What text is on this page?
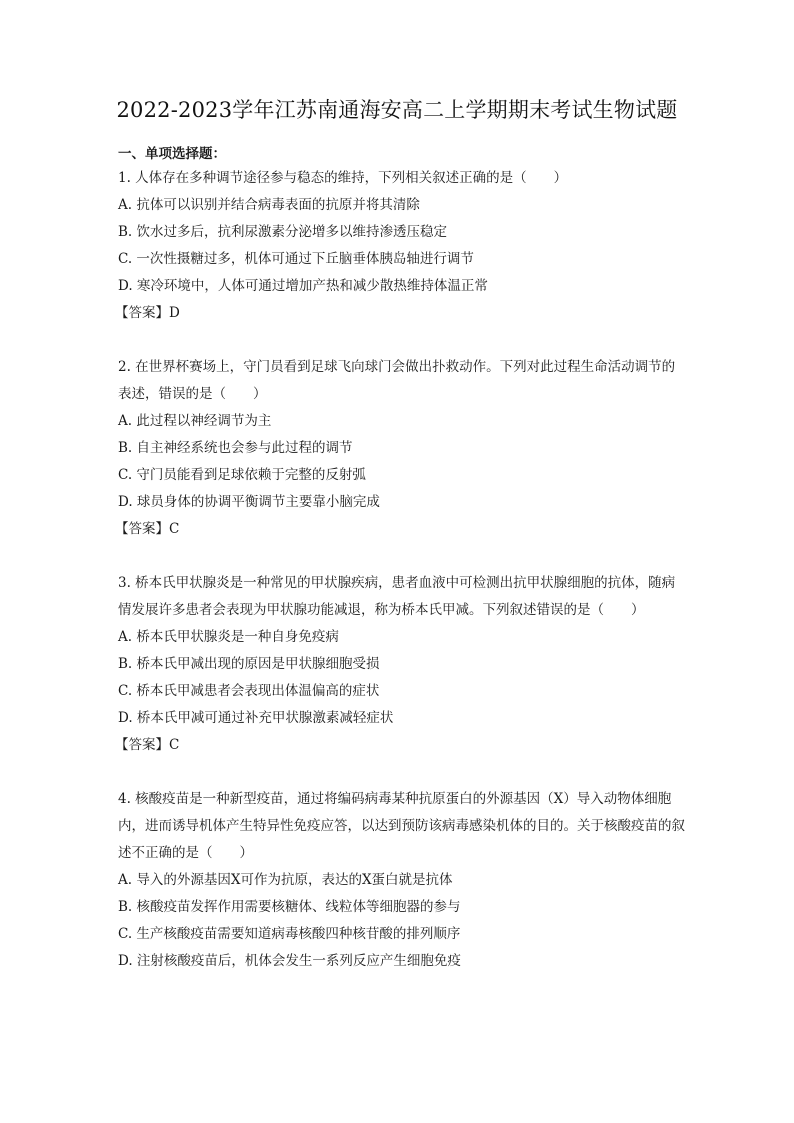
2022-2023学年江苏南通海安高二上学期期末考试生物试题
一、单项选择题：

1. 人体存在多种调节途径参与稳态的维持，下列相关叙述正确的是（　　）

A. 抗体可以识别并结合病毒表面的抗原并将其清除

B. 饮水过多后，抗利尿激素分泌增多以维持渗透压稳定

C. 一次性摄糖过多，机体可通过下丘脑垂体胰岛轴进行调节

D. 寒冷环境中，人体可通过增加产热和减少散热维持体温正常

【答案】D

2. 在世界杯赛场上，守门员看到足球飞向球门会做出扑救动作。下列对此过程生命活动调节的表述，错误的是（　　）

A. 此过程以神经调节为主

B. 自主神经系统也会参与此过程的调节

C. 守门员能看到足球依赖于完整的反射弧

D. 球员身体的协调平衡调节主要靠小脑完成

【答案】C

3. 桥本氏甲状腺炎是一种常见的甲状腺疾病，患者血液中可检测出抗甲状腺细胞的抗体，随病情发展许多患者会表现为甲状腺功能减退，称为桥本氏甲减。下列叙述错误的是（　　）

A. 桥本氏甲状腺炎是一种自身免疫病

B. 桥本氏甲减出现的原因是甲状腺细胞受损

C. 桥本氏甲减患者会表现出体温偏高的症状

D. 桥本氏甲减可通过补充甲状腺激素减轻症状

【答案】C

4. 核酸疫苗是一种新型疫苗，通过将编码病毒某种抗原蛋白的外源基因（X）导入动物体细胞内，进而诱导机体产生特异性免疫应答，以达到预防该病毒感染机体的目的。关于核酸疫苗的叙述不正确的是（　　）

A. 导入的外源基因X可作为抗原，表达的X蛋白就是抗体

B. 核酸疫苗发挥作用需要核糖体、线粒体等细胞器的参与

C. 生产核酸疫苗需要知道病毒核酸四种核苷酸的排列顺序

D. 注射核酸疫苗后，机体会发生一系列反应产生细胞免疫
